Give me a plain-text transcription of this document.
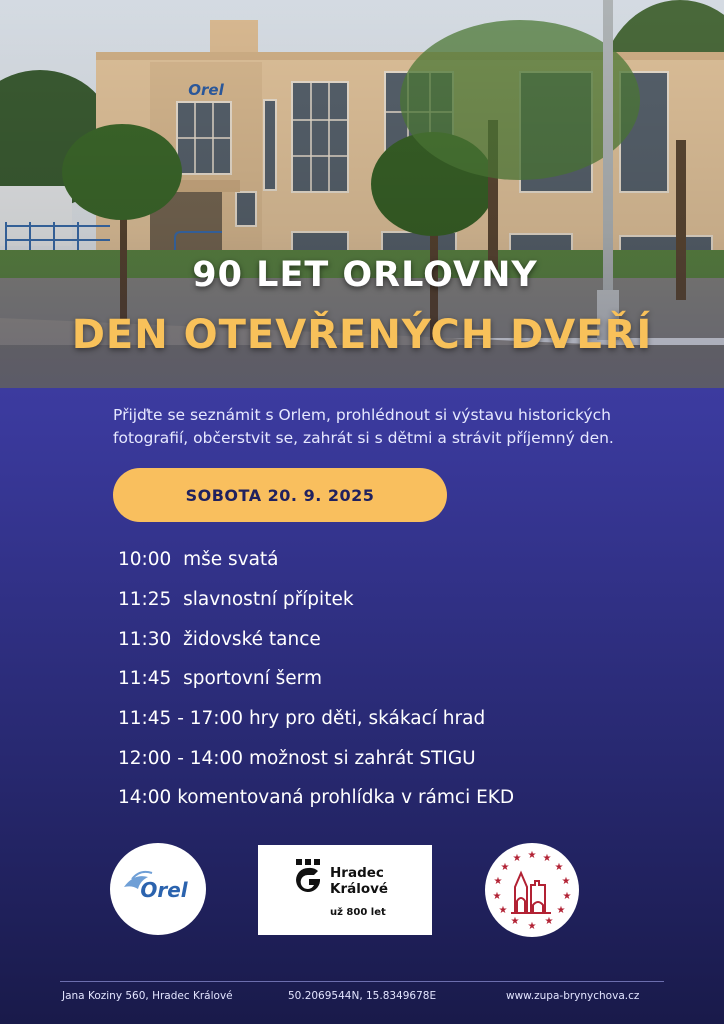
90 LET ORLOVNY
DEN OTEVŘENÝCH DVEŘÍ
Přijďte se seznámit s Orlem, prohlédnout si výstavu historických fotografií, občerstvit se, zahrát si s dětmi a strávit příjemný den.
SOBOTA 20. 9. 2025
10:00  mše svatá
11:25  slavnostní přípitek
11:30  židovské tance
11:45  sportovní šerm
11:45 - 17:00 hry pro děti, skákací hrad
12:00 - 14:00 možnost si zahrát STIGU
14:00 komentovaná prohlídka v rámci EKD
Orel
Hradec
Králové
už 800 let
★ ★
★
★
★
★
★
★
★
★
★
★
★
★
Jana Koziny 560, Hradec Králové	50.2069544N, 15.8349678E	www.zupa-brynychova.cz
